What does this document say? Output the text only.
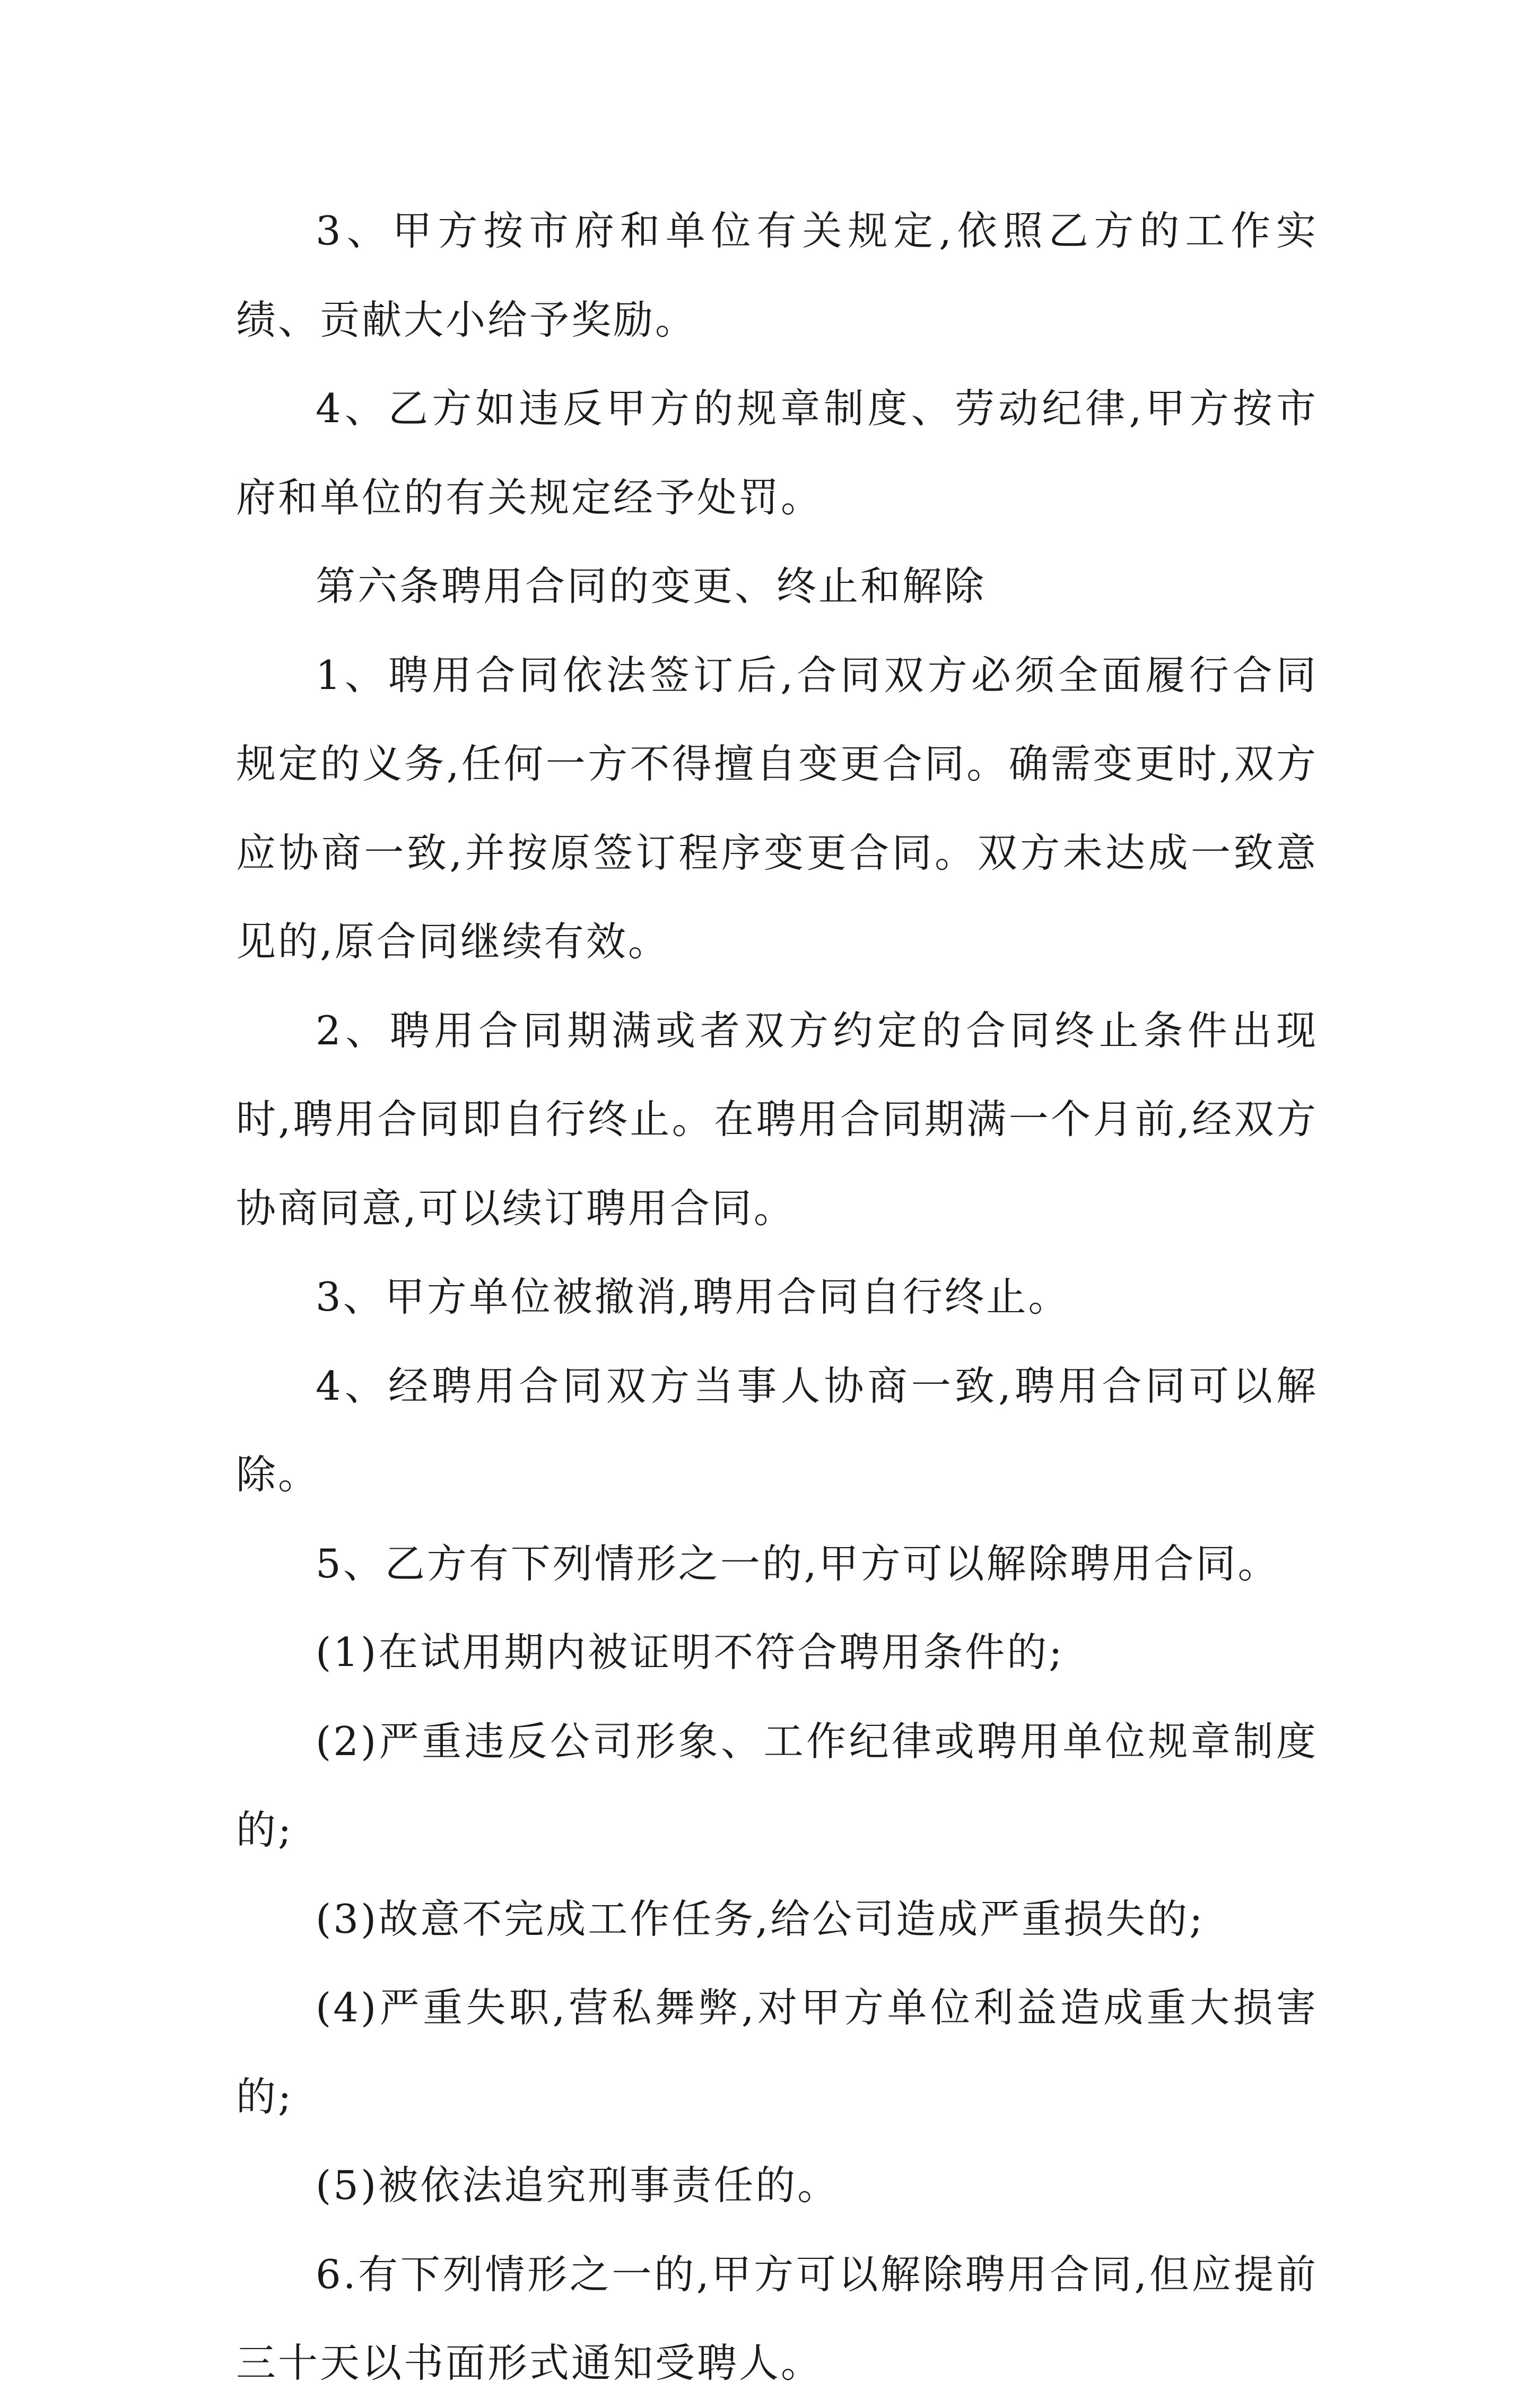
3、甲方按市府和单位有关规定,依照乙方的工作实绩、贡献大小给予奖励。

4、乙方如违反甲方的规章制度、劳动纪律,甲方按市府和单位的有关规定经予处罚。

第六条聘用合同的变更、终止和解除

1、聘用合同依法签订后,合同双方必须全面履行合同规定的义务,任何一方不得擅自变更合同。确需变更时,双方应协商一致,并按原签订程序变更合同。双方未达成一致意见的,原合同继续有效。

2、聘用合同期满或者双方约定的合同终止条件出现时,聘用合同即自行终止。在聘用合同期满一个月前,经双方协商同意,可以续订聘用合同。

3、甲方单位被撤消,聘用合同自行终止。

4、经聘用合同双方当事人协商一致,聘用合同可以解除。

5、乙方有下列情形之一的,甲方可以解除聘用合同。

(1)在试用期内被证明不符合聘用条件的;

(2)严重违反公司形象、工作纪律或聘用单位规章制度的;

(3)故意不完成工作任务,给公司造成严重损失的;

(4)严重失职,营私舞弊,对甲方单位利益造成重大损害的;

(5)被依法追究刑事责任的。

6.有下列情形之一的,甲方可以解除聘用合同,但应提前三十天以书面形式通知受聘人。
